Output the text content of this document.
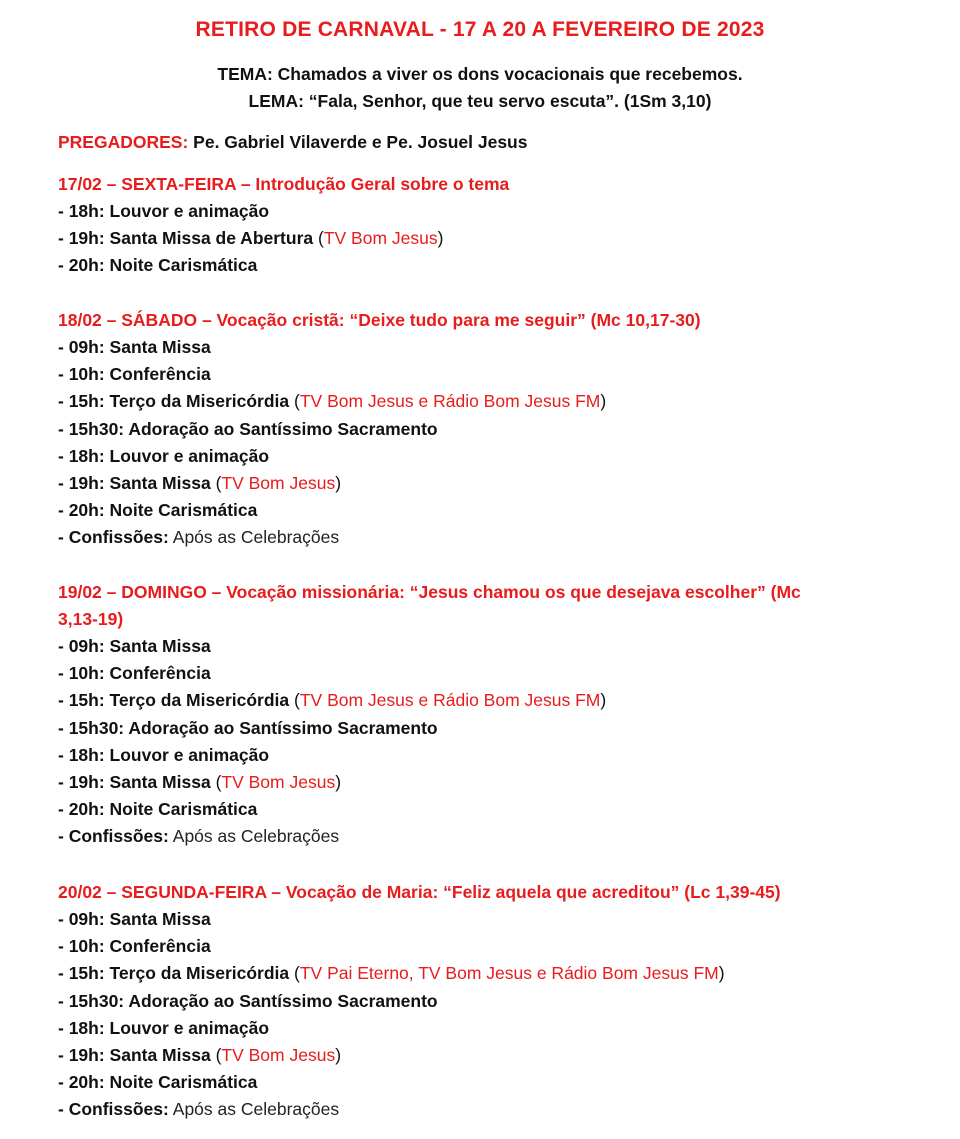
RETIRO DE CARNAVAL - 17 A 20 A FEVEREIRO DE 2023
TEMA: Chamados a viver os dons vocacionais que recebemos.
LEMA: “Fala, Senhor, que teu servo escuta”. (1Sm 3,10)
PREGADORES: Pe. Gabriel Vilaverde e Pe. Josuel Jesus

17/02 – SEXTA-FEIRA – Introdução Geral sobre o tema

- 18h: Louvor e animação

- 19h: Santa Missa de Abertura (TV Bom Jesus)

- 20h: Noite Carismática

18/02 – SÁBADO – Vocação cristã: “Deixe tudo para me seguir” (Mc 10,17-30)

- 09h: Santa Missa

- 10h: Conferência

- 15h: Terço da Misericórdia (TV Bom Jesus e Rádio Bom Jesus FM)

- 15h30: Adoração ao Santíssimo Sacramento

- 18h: Louvor e animação

- 19h: Santa Missa (TV Bom Jesus)

- 20h: Noite Carismática

- Confissões: Após as Celebrações

19/02 – DOMINGO – Vocação missionária: “Jesus chamou os que desejava escolher” (Mc

3,13-19)

- 09h: Santa Missa

- 10h: Conferência

- 15h: Terço da Misericórdia (TV Bom Jesus e Rádio Bom Jesus FM)

- 15h30: Adoração ao Santíssimo Sacramento

- 18h: Louvor e animação

- 19h: Santa Missa (TV Bom Jesus)

- 20h: Noite Carismática

- Confissões: Após as Celebrações

20/02 – SEGUNDA-FEIRA – Vocação de Maria: “Feliz aquela que acreditou” (Lc 1,39-45)

- 09h: Santa Missa

- 10h: Conferência

- 15h: Terço da Misericórdia (TV Pai Eterno, TV Bom Jesus e Rádio Bom Jesus FM)

- 15h30: Adoração ao Santíssimo Sacramento

- 18h: Louvor e animação

- 19h: Santa Missa (TV Bom Jesus)

- 20h: Noite Carismática

- Confissões: Após as Celebrações
